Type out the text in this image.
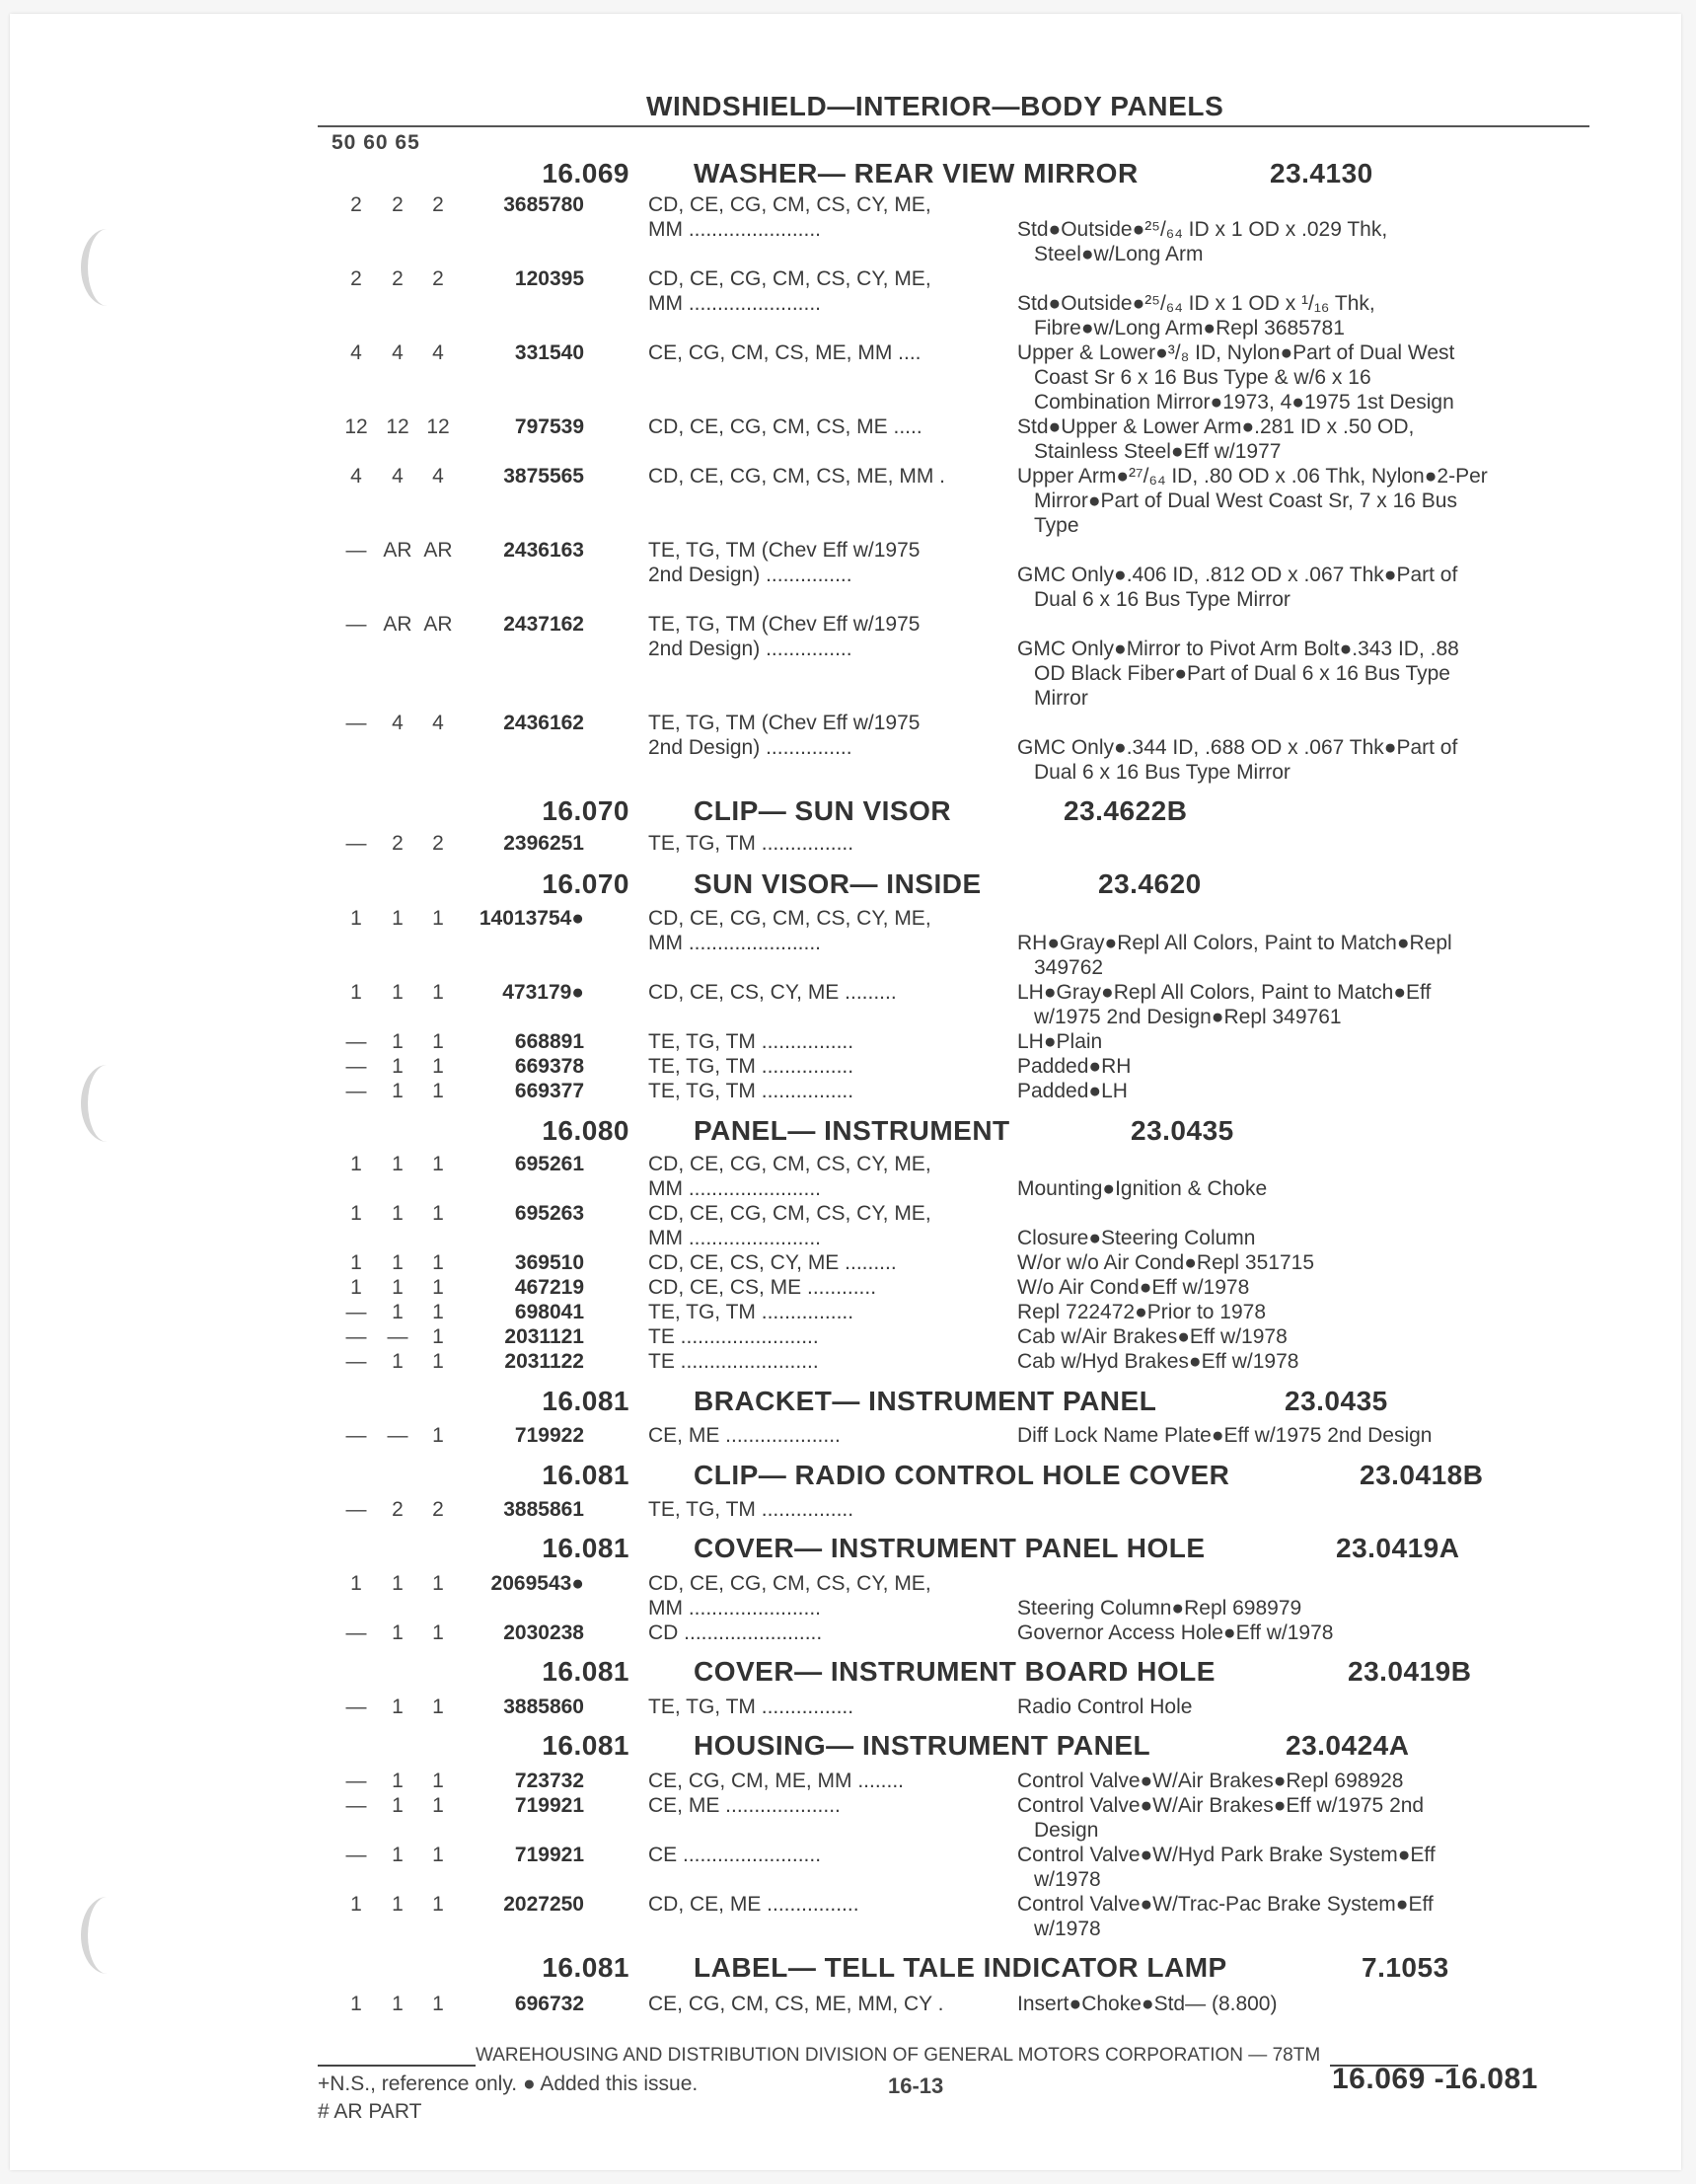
WINDSHIELD—INTERIOR—BODY PANELS
50 60 65
16.069 WASHER— REAR VIEW MIRROR	23.4130
2	2	2	3685780	CD, CE, CG, CM, CS, CY, ME,
MM .......................	Std●Outside●²⁵/₆₄ ID x 1 OD x .029 Thk,
Steel●w/Long Arm
2	2	2	120395	CD, CE, CG, CM, CS, CY, ME,
MM .......................	Std●Outside●²⁵/₆₄ ID x 1 OD x ¹/₁₆ Thk,
Fibre●w/Long Arm●Repl 3685781
4	4	4	331540	CE, CG, CM, CS, ME, MM ....	Upper & Lower●³/₈ ID, Nylon●Part of Dual West
Coast Sr 6 x 16 Bus Type & w/6 x 16
Combination Mirror●1973, 4●1975 1st Design
12 12 12	797539	CD, CE, CG, CM, CS, ME .....	Std●Upper & Lower Arm●.281 ID x .50 OD,
Stainless Steel●Eff w/1977
4	4	4	3875565	CD, CE, CG, CM, CS, ME, MM .	Upper Arm●²⁷/₆₄ ID, .80 OD x .06 Thk, Nylon●2-Per
Mirror●Part of Dual West Coast Sr, 7 x 16 Bus
Type
— AR AR	2436163	TE, TG, TM (Chev Eff w/1975
2nd Design) ...............	GMC Only●.406 ID, .812 OD x .067 Thk●Part of
Dual 6 x 16 Bus Type Mirror
— AR AR	2437162	TE, TG, TM (Chev Eff w/1975
2nd Design) ...............	GMC Only●Mirror to Pivot Arm Bolt●.343 ID, .88
OD Black Fiber●Part of Dual 6 x 16 Bus Type
Mirror
—	4	4	2436162	TE, TG, TM (Chev Eff w/1975
2nd Design) ...............	GMC Only●.344 ID, .688 OD x .067 Thk●Part of
Dual 6 x 16 Bus Type Mirror
16.070 CLIP— SUN VISOR	23.4622B
—	2	2	2396251	TE, TG, TM ................
16.070 SUN VISOR— INSIDE	23.4620
1	1	1	14013754●	CD, CE, CG, CM, CS, CY, ME,
MM .......................	RH●Gray●Repl All Colors, Paint to Match●Repl
349762
1	1	1	473179●	CD, CE, CS, CY, ME .........	LH●Gray●Repl All Colors, Paint to Match●Eff
w/1975 2nd Design●Repl 349761
—	1	1	668891	TE, TG, TM ................	LH●Plain
—	1	1	669378	TE, TG, TM ................	Padded●RH
—	1	1	669377	TE, TG, TM ................	Padded●LH
16.080 PANEL— INSTRUMENT	23.0435
1	1	1	695261	CD, CE, CG, CM, CS, CY, ME,
MM .......................	Mounting●Ignition & Choke
1	1	1	695263	CD, CE, CG, CM, CS, CY, ME,
MM .......................	Closure●Steering Column
1	1	1	369510	CD, CE, CS, CY, ME .........	W/or w/o Air Cond●Repl 351715
1	1	1	467219	CD, CE, CS, ME ............	W/o Air Cond●Eff w/1978
—	1	1	698041	TE, TG, TM ................	Repl 722472●Prior to 1978
—	—	1	2031121	TE ........................	Cab w/Air Brakes●Eff w/1978
—	1	1	2031122	TE ........................	Cab w/Hyd Brakes●Eff w/1978
16.081 BRACKET— INSTRUMENT PANEL	23.0435
—	—	1	719922	CE, ME ....................	Diff Lock Name Plate●Eff w/1975 2nd Design
16.081 CLIP— RADIO CONTROL HOLE COVER	23.0418B
—	2	2	3885861	TE, TG, TM ................
16.081 COVER— INSTRUMENT PANEL HOLE	23.0419A
1	1	1	2069543●	CD, CE, CG, CM, CS, CY, ME,
MM .......................	Steering Column●Repl 698979
—	1	1	2030238	CD ........................	Governor Access Hole●Eff w/1978
16.081 COVER— INSTRUMENT BOARD HOLE	23.0419B
—	1	1	3885860	TE, TG, TM ................	Radio Control Hole
16.081 HOUSING— INSTRUMENT PANEL	23.0424A
—	1	1	723732	CE, CG, CM, ME, MM ........	Control Valve●W/Air Brakes●Repl 698928
—	1	1	719921	CE, ME ....................	Control Valve●W/Air Brakes●Eff w/1975 2nd
Design
—	1	1	719921	CE ........................	Control Valve●W/Hyd Park Brake System●Eff
w/1978
1	1	1	2027250	CD, CE, ME ................	Control Valve●W/Trac-Pac Brake System●Eff
w/1978
16.081 LABEL— TELL TALE INDICATOR LAMP	7.1053
1	1	1	696732	CE, CG, CM, CS, ME, MM, CY .	Insert●Choke●Std— (8.800)
WAREHOUSING AND DISTRIBUTION DIVISION OF GENERAL MOTORS CORPORATION — 78TM
+N.S., reference only. ● Added this issue.
# AR PART
16-13	16.069 -16.081
